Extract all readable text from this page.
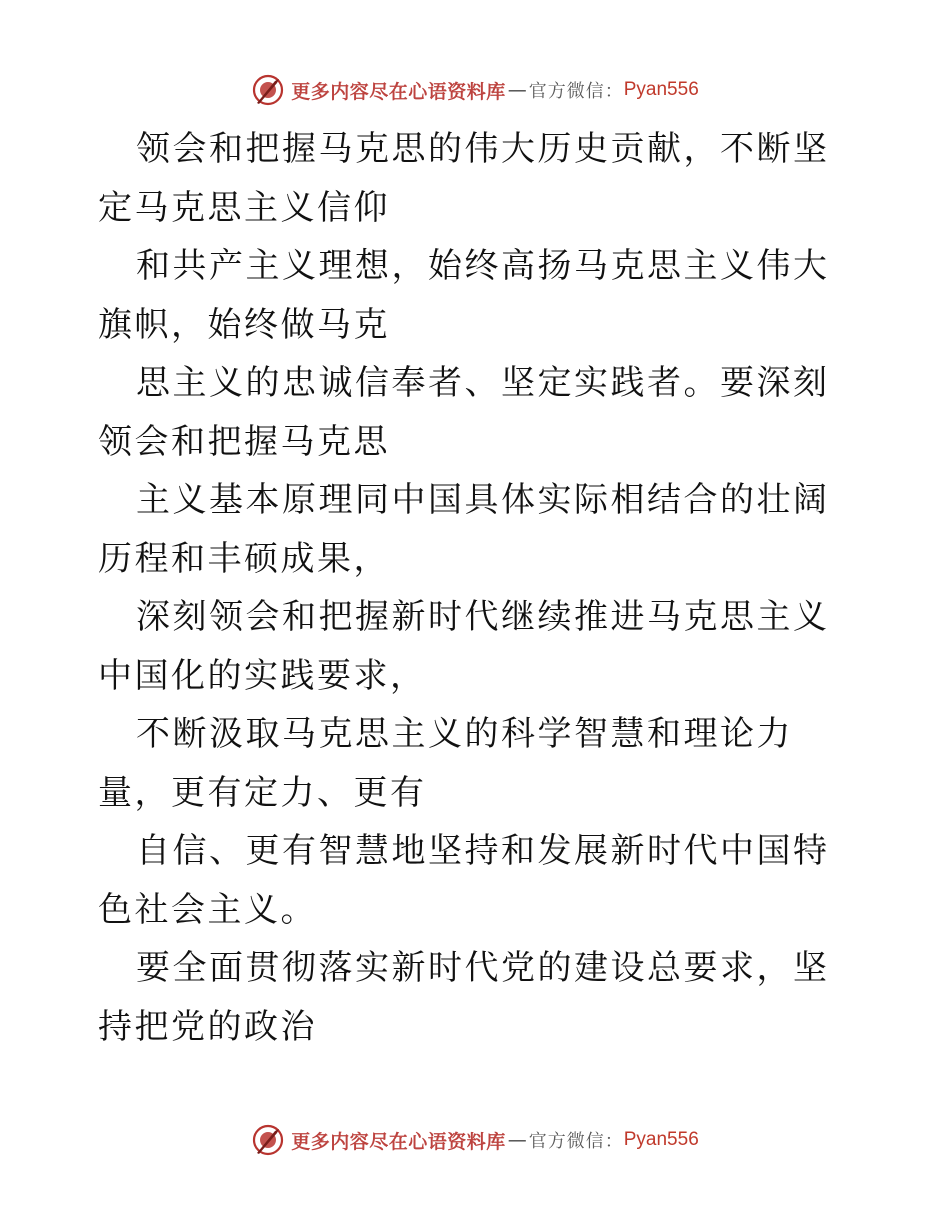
更多内容尽在心语资料库 — 官方微信： Pyan556

领会和把握马克思的伟大历史贡献，不断坚定马克思主义信仰

和共产主义理想，始终高扬马克思主义伟大旗帜，始终做马克

思主义的忠诚信奉者、坚定实践者。要深刻领会和把握马克思

主义基本原理同中国具体实际相结合的壮阔历程和丰硕成果，

深刻领会和把握新时代继续推进马克思主义中国化的实践要求，

不断汲取马克思主义的科学智慧和理论力量，更有定力、更有

自信、更有智慧地坚持和发展新时代中国特色社会主义。

要全面贯彻落实新时代党的建设总要求，坚持把党的政治

更多内容尽在心语资料库 — 官方微信： Pyan556
